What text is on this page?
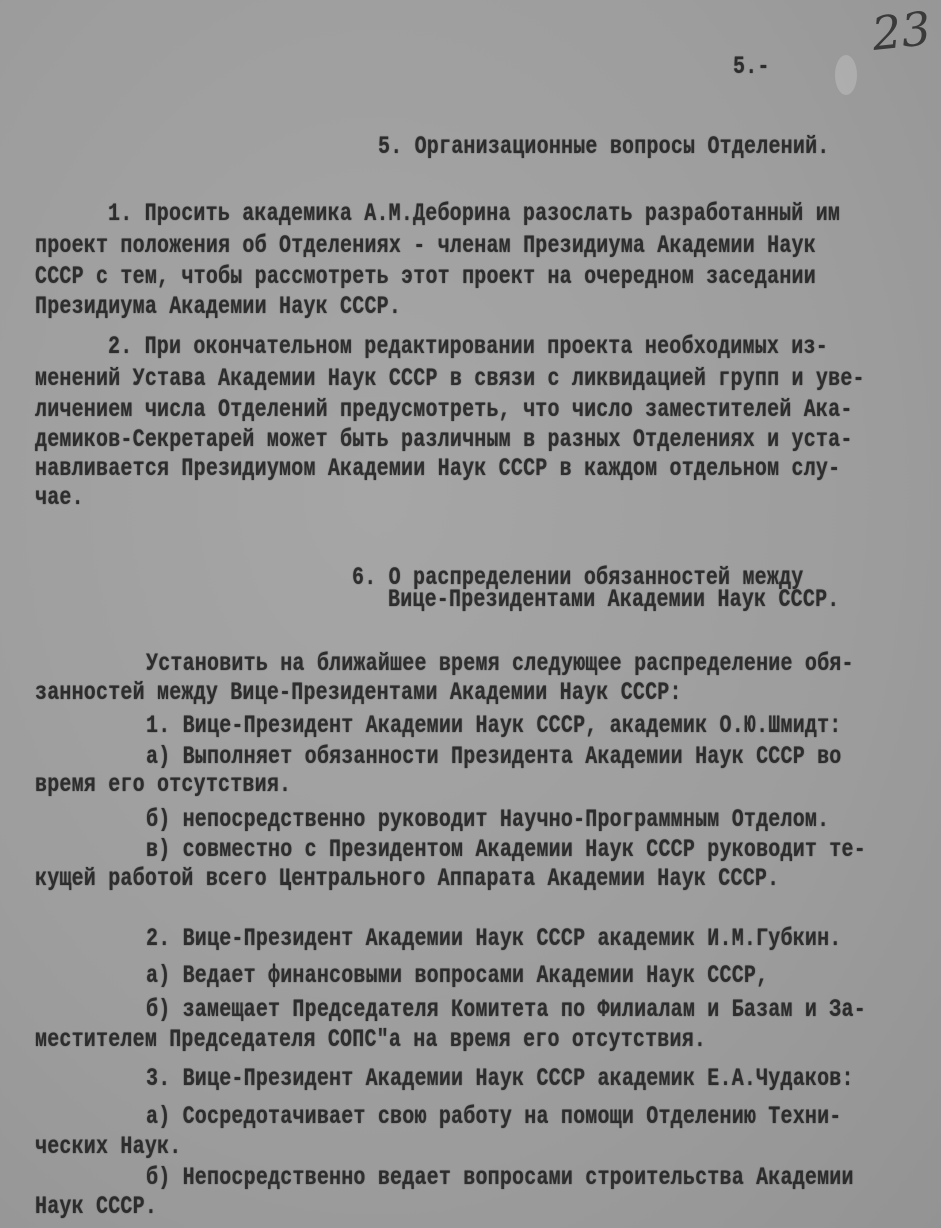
23
5.-
5. Организационные вопросы Отделений.
1. Просить академика А.М.Деборина разослать разработанный им
проект положения об Отделениях - членам Президиума Академии Наук
СССР с тем, чтобы рассмотреть этот проект на очередном заседании
Президиума Академии Наук СССР.
2. При окончательном редактировании проекта необходимых из-
менений Устава Академии Наук СССР в связи с ликвидацией групп и уве-
личением числа Отделений предусмотреть, что число заместителей Ака-
демиков-Секретарей может быть различным в разных Отделениях и уста-
навливается Президиумом Академии Наук СССР в каждом отдельном слу-
чае.
6. О распределении обязанностей между
Вице-Президентами Академии Наук СССР.
Установить на ближайшее время следующее распределение обя-
занностей между Вице-Президентами Академии Наук СССР:
1. Вице-Президент Академии Наук СССР, академик О.Ю.Шмидт:
а) Выполняет обязанности Президента Академии Наук СССР во
время его отсутствия.
б) непосредственно руководит Научно-Программным Отделом.
в) совместно с Президентом Академии Наук СССР руководит те-
кущей работой всего Центрального Аппарата Академии Наук СССР.
2. Вице-Президент Академии Наук СССР академик И.М.Губкин.
а) Ведает финансовыми вопросами Академии Наук СССР,
б) замещает Председателя Комитета по Филиалам и Базам и За-
местителем Председателя СОПС"а на время его отсутствия.
3. Вице-Президент Академии Наук СССР академик Е.А.Чудаков:
а) Сосредотачивает свою работу на помощи Отделению Техни-
ческих Наук.
б) Непосредственно ведает вопросами строительства Академии
Наук СССР.
